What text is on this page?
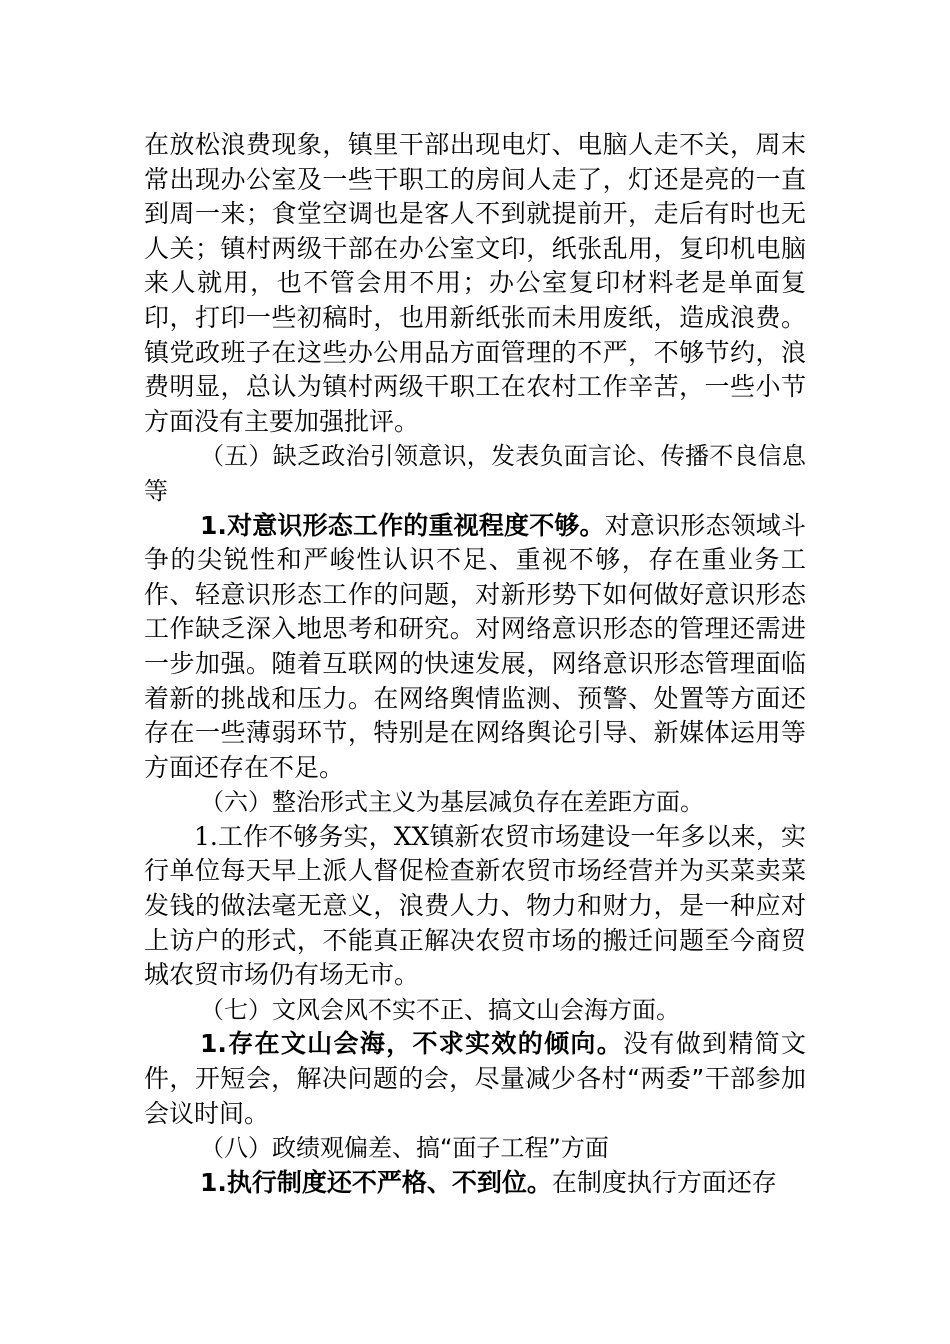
在放松浪费现象，镇里干部出现电灯、电脑人走不关，周末常出现办公室及一些干职工的房间人走了，灯还是亮的一直到周一来；食堂空调也是客人不到就提前开，走后有时也无人关；镇村两级干部在办公室文印，纸张乱用，复印机电脑来人就用，也不管会用不用；办公室复印材料老是单面复印，打印一些初稿时，也用新纸张而未用废纸，造成浪费。镇党政班子在这些办公用品方面管理的不严，不够节约，浪费明显，总认为镇村两级干职工在农村工作辛苦，一些小节方面没有主要加强批评。

（五）缺乏政治引领意识，发表负面言论、传播不良信息等

1.对意识形态工作的重视程度不够。对意识形态领域斗争的尖锐性和严峻性认识不足、重视不够，存在重业务工作、轻意识形态工作的问题，对新形势下如何做好意识形态工作缺乏深入地思考和研究。对网络意识形态的管理还需进一步加强。随着互联网的快速发展，网络意识形态管理面临着新的挑战和压力。在网络舆情监测、预警、处置等方面还存在一些薄弱环节，特别是在网络舆论引导、新媒体运用等方面还存在不足。

（六）整治形式主义为基层减负存在差距方面。

1.工作不够务实，XX镇新农贸市场建设一年多以来，实行单位每天早上派人督促检查新农贸市场经营并为买菜卖菜发钱的做法毫无意义，浪费人力、物力和财力，是一种应对上访户的形式，不能真正解决农贸市场的搬迁问题至今商贸城农贸市场仍有场无市。

（七）文风会风不实不正、搞文山会海方面。

1.存在文山会海，不求实效的倾向。没有做到精简文件，开短会，解决问题的会，尽量减少各村“两委”干部参加会议时间。

（八）政绩观偏差、搞“面子工程”方面

1.执行制度还不严格、不到位。在制度执行方面还存
